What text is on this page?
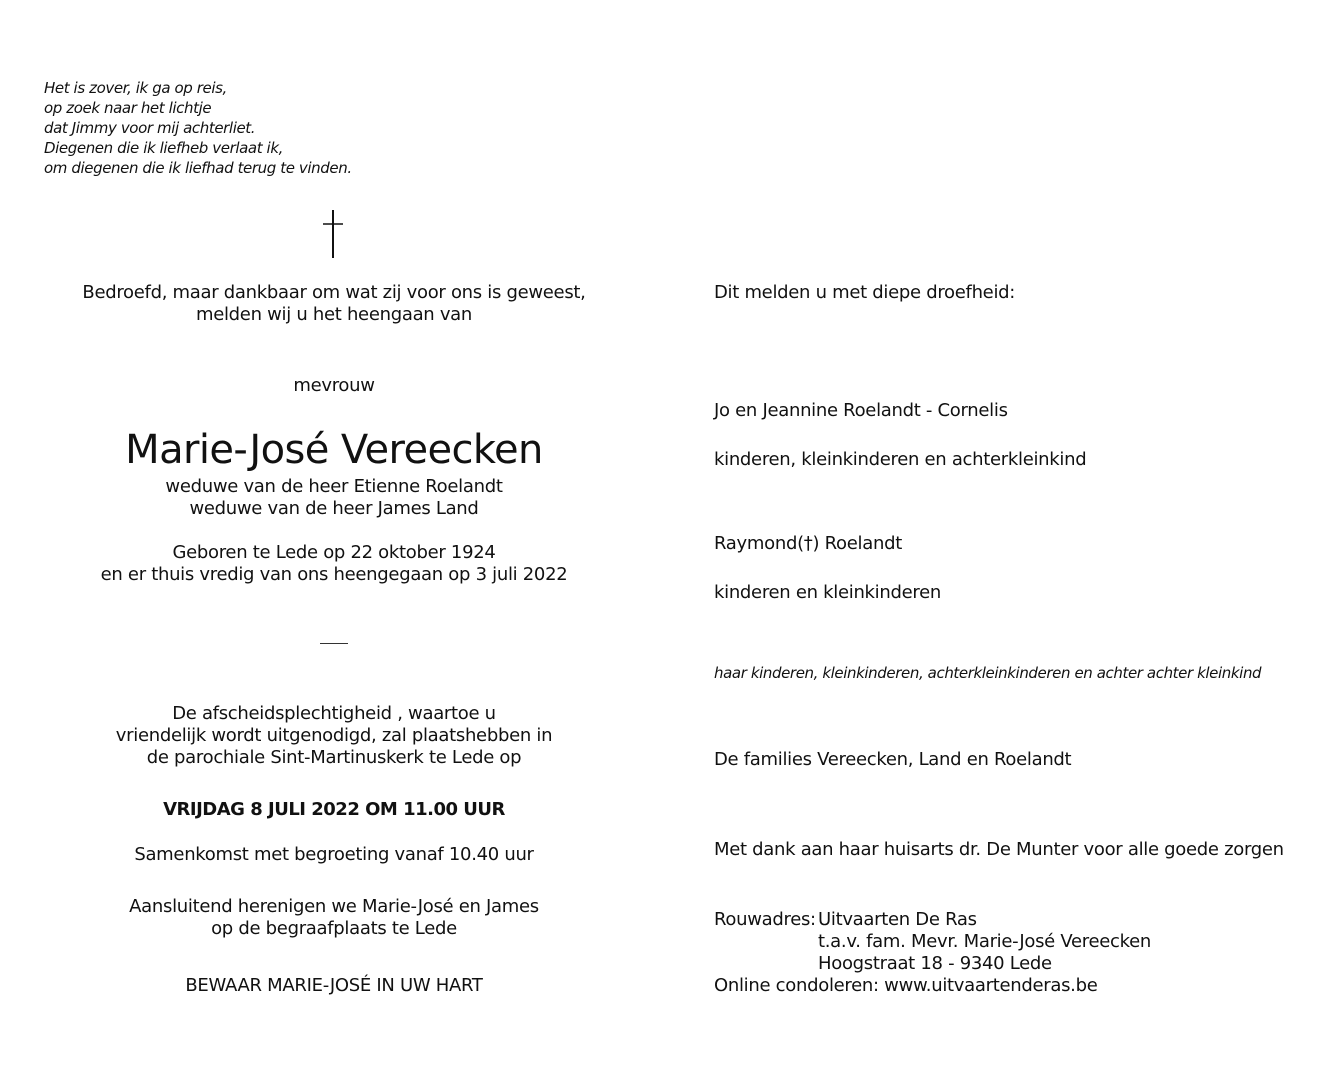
Het is zover, ik ga op reis,
op zoek naar het lichtje
dat Jimmy voor mij achterliet.
Diegenen die ik liefheb verlaat ik,
om diegenen die ik liefhad terug te vinden.
Bedroefd, maar dankbaar om wat zij voor ons is geweest,
melden wij u het heengaan van
mevrouw
Marie-José Vereecken
weduwe van de heer Etienne Roelandt
weduwe van de heer James Land
Geboren te Lede op 22 oktober 1924
en er thuis vredig van ons heengegaan op 3 juli 2022
De afscheidsplechtigheid , waartoe u
vriendelijk wordt uitgenodigd, zal plaatshebben in
de parochiale Sint-Martinuskerk te Lede op
VRIJDAG 8 JULI 2022 OM 11.00 UUR
Samenkomst met begroeting vanaf 10.40 uur
Aansluitend herenigen we Marie-José en James
op de begraafplaats te Lede
BEWAAR MARIE-JOSÉ IN UW HART
Dit melden u met diepe droefheid:
Jo en Jeannine Roelandt - Cornelis
kinderen, kleinkinderen en achterkleinkind
Raymond(†) Roelandt
kinderen en kleinkinderen
haar kinderen, kleinkinderen, achterkleinkinderen en achter achter kleinkind
De families Vereecken, Land en Roelandt
Met dank aan haar huisarts dr. De Munter voor alle goede zorgen
Rouwadres: Uitvaarten De Ras
t.a.v. fam. Mevr. Marie-José Vereecken
Hoogstraat 18 - 9340 Lede
Online condoleren: www.uitvaartenderas.be
